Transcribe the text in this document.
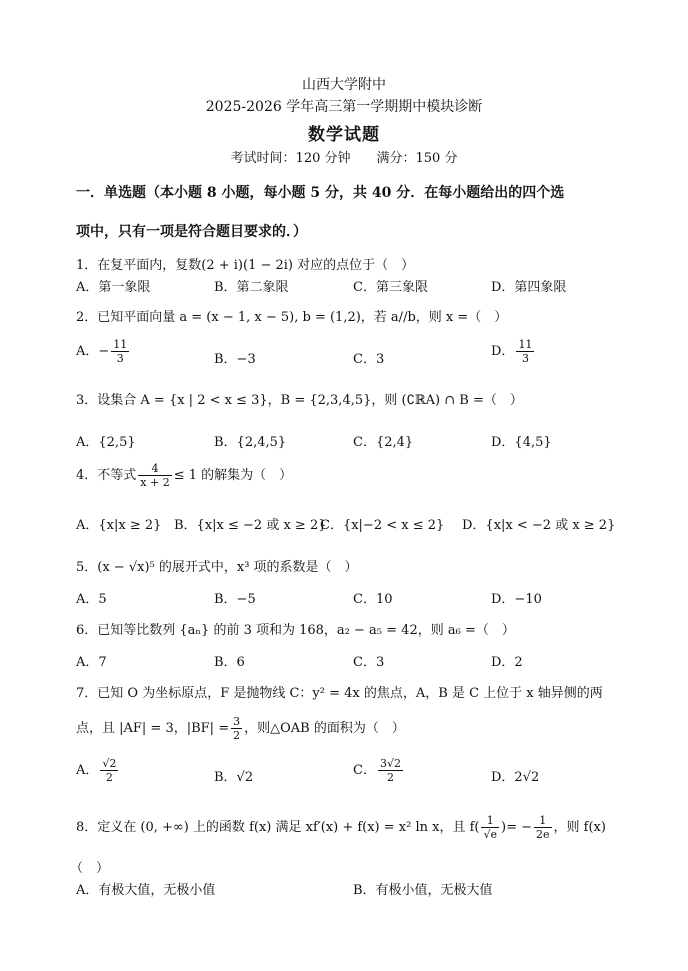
山西大学附中
2025-2026 学年高三第一学期期中模块诊断
数学试题
考试时间：120 分钟　　满分：150 分
一．单选题（本小题 8 小题，每小题 5 分，共 40 分．在每小题给出的四个选
项中，只有一项是符合题目要求的．）
1．在复平面内，复数(2 + i)(1 − 2i) 对应的点位于（　）
A．第一象限	B．第二象限	C．第三象限	D．第四象限
2．已知平面向量 a = (x − 1, x − 5), b = (1,2)，若 a//b，则 x =（　）
A．− $\frac{11}{3}$	B．−3	C．3
D． $\frac{11}{3}$
3．设集合 A = {x | 2 < x ≤ 3}，B = {2,3,4,5}，则 (∁ℝA) ∩ B =（　）
A．{2,5}	B．{2,4,5}	C．{2,4}	D．{4,5}
4．不等式 $\frac{4}{x + 2} \le 1$ 的解集为（　）
A．{x|x ≥ 2} B．{x|x ≤ −2 或 x ≥ 2}
C．{x|−2 < x ≤ 2} D．{x|x < −2 或 x ≥ 2}
5．(x − √x)⁵ 的展开式中，x³ 项的系数是（　）
A．5	B．−5	C．10	D．−10
6．已知等比数列 {aₙ} 的前 3 项和为 168，a₂ − a₅ = 42，则 a₆ =（　）
A．7	B．6	C．3	D．2
7．已知 O 为坐标原点，F 是抛物线 C：y² = 4x 的焦点，A，B 是 C 上位于 x 轴异侧的两
点，且 |AF| = 3，$|BF| = \frac{3}{2}$ ，则△OAB 的面积为（　）
A． $\frac{√2}{2}$	B．√2	C． $\frac{3√2}{2}$	D．2√2
8．定义在 (0, +∞) 上的函数 f(x) 满足 xf′(x) + f(x) = x² ln x，且 $f( \frac{1}{√e}$ )= − $\frac{1}{2e}$ ，则 f(x)
（　）
A．有极大值，无极小值	B．有极小值，无极大值
